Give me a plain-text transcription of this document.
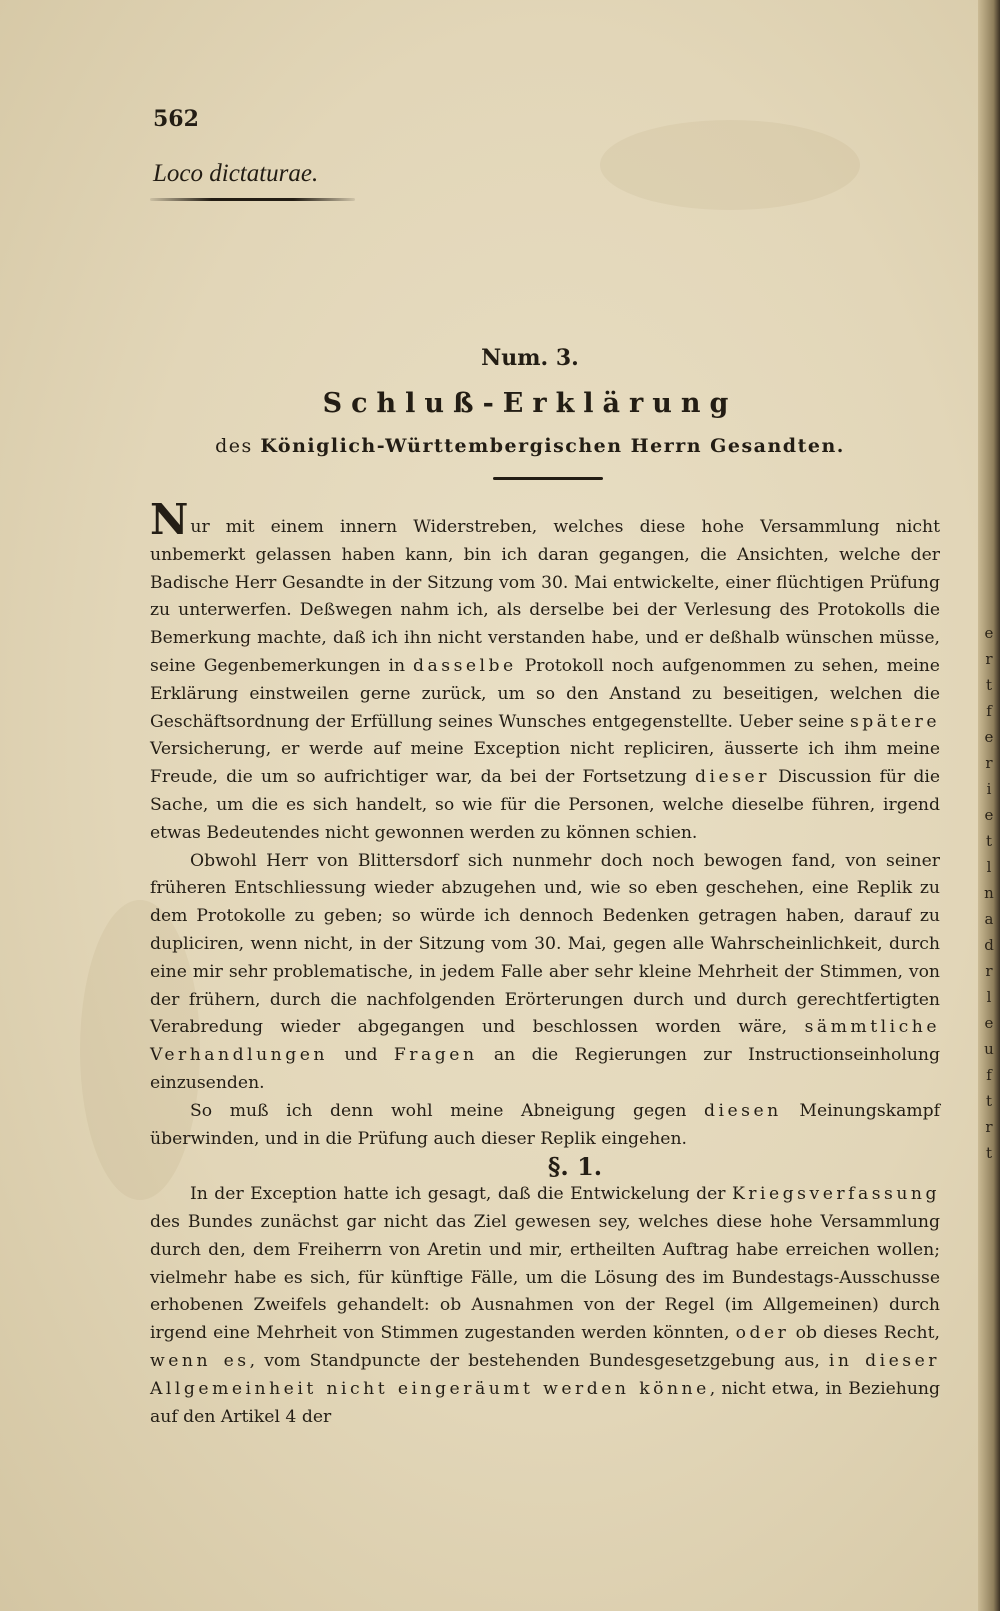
562
Loco dictaturae.
Num. 3.
Schluß-Erklärung
des Königlich-Württembergischen Herrn Gesandten.

Nur mit einem innern Widerstreben, welches diese hohe Versammlung nicht unbemerkt gelassen haben kann, bin ich daran gegangen, die Ansichten, welche der Badische Herr Gesandte in der Sitzung vom 30. Mai entwickelte, einer flüchtigen Prüfung zu unterwerfen. Deßwegen nahm ich, als derselbe bei der Verlesung des Protokolls die Bemerkung machte, daß ich ihn nicht verstanden habe, und er deßhalb wünschen müsse, seine Gegenbemerkungen in dasselbe Protokoll noch aufgenommen zu sehen, meine Erklärung einstweilen gerne zurück, um so den Anstand zu beseitigen, welchen die Geschäftsordnung der Erfüllung seines Wunsches entgegenstellte. Ueber seine spätere Versicherung, er werde auf meine Exception nicht repliciren, äusserte ich ihm meine Freude, die um so aufrichtiger war, da bei der Fortsetzung dieser Discussion für die Sache, um die es sich handelt, so wie für die Personen, welche dieselbe führen, irgend etwas Bedeutendes nicht gewonnen werden zu können schien.

Obwohl Herr von Blittersdorf sich nunmehr doch noch bewogen fand, von seiner früheren Entschliessung wieder abzugehen und, wie so eben geschehen, eine Replik zu dem Protokolle zu geben; so würde ich dennoch Bedenken getragen haben, darauf zu dupliciren, wenn nicht, in der Sitzung vom 30. Mai, gegen alle Wahrscheinlichkeit, durch eine mir sehr problematische, in jedem Falle aber sehr kleine Mehrheit der Stimmen, von der frühern, durch die nachfolgenden Erörterungen durch und durch gerechtfertigten Verabredung wieder abgegangen und beschlossen worden wäre, sämmtliche Verhandlungen und Fragen an die Regierungen zur Instructionseinholung einzusenden.

So muß ich denn wohl meine Abneigung gegen diesen Meinungskampf überwinden, und in die Prüfung auch dieser Replik eingehen.

§. 1.

In der Exception hatte ich gesagt, daß die Entwickelung der Kriegsverfassung des Bundes zunächst gar nicht das Ziel gewesen sey, welches diese hohe Versammlung durch den, dem Freiherrn von Aretin und mir, ertheilten Auftrag habe erreichen wollen; vielmehr habe es sich, für künftige Fälle, um die Lösung des im Bundestags-Ausschusse erhobenen Zweifels gehandelt: ob Ausnahmen von der Regel (im Allgemeinen) durch irgend eine Mehrheit von Stimmen zugestanden werden könnten, oder ob dieses Recht, wenn es, vom Standpuncte der bestehenden Bundesgesetzgebung aus, in dieser Allgemeinheit nicht eingeräumt werden könne, nicht etwa, in Beziehung auf den Artikel 4 der

e
r
t
f
e
r
i
e
t
l
n
a
d
r
l
e
u
f
t
r
t
